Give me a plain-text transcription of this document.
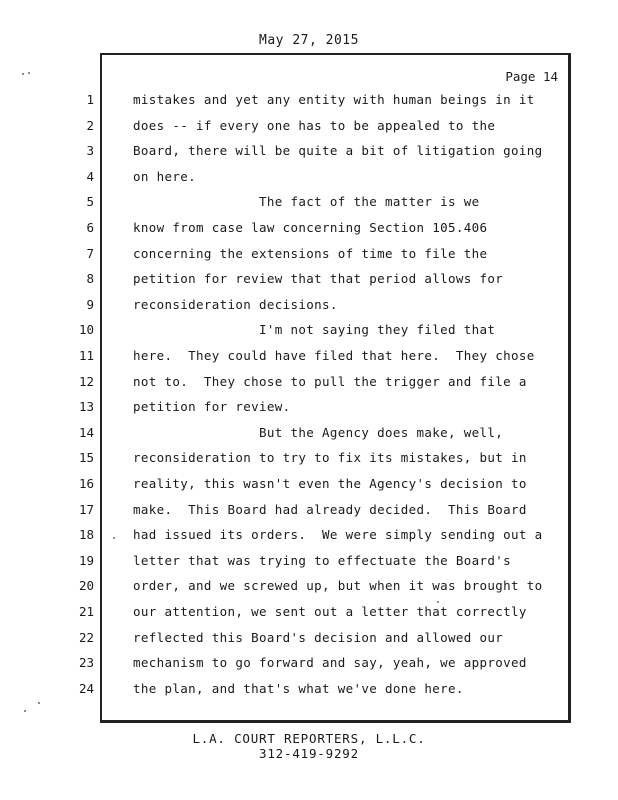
May 27, 2015
Page 14
1	mistakes and yet any entity with human beings in it
2	does -- if every one has to be appealed to the
3	Board, there will be quite a bit of litigation going
4	on here.
5	The fact of the matter is we
6	know from case law concerning Section 105.406
7	concerning the extensions of time to file the
8	petition for review that that period allows for
9	reconsideration decisions.
10	I'm not saying they filed that
11	here.  They could have filed that here.  They chose
12	not to.  They chose to pull the trigger and file a
13	petition for review.
14	But the Agency does make, well,
15	reconsideration to try to fix its mistakes, but in
16	reality, this wasn't even the Agency's decision to
17	make.  This Board had already decided.  This Board
18	had issued its orders.  We were simply sending out a
19	letter that was trying to effectuate the Board's
20	order, and we screwed up, but when it was brought to
21	our attention, we sent out a letter that correctly
22	reflected this Board's decision and allowed our
23	mechanism to go forward and say, yeah, we approved
24	the plan, and that's what we've done here.
L.A. COURT REPORTERS, L.L.C.
312-419-9292
